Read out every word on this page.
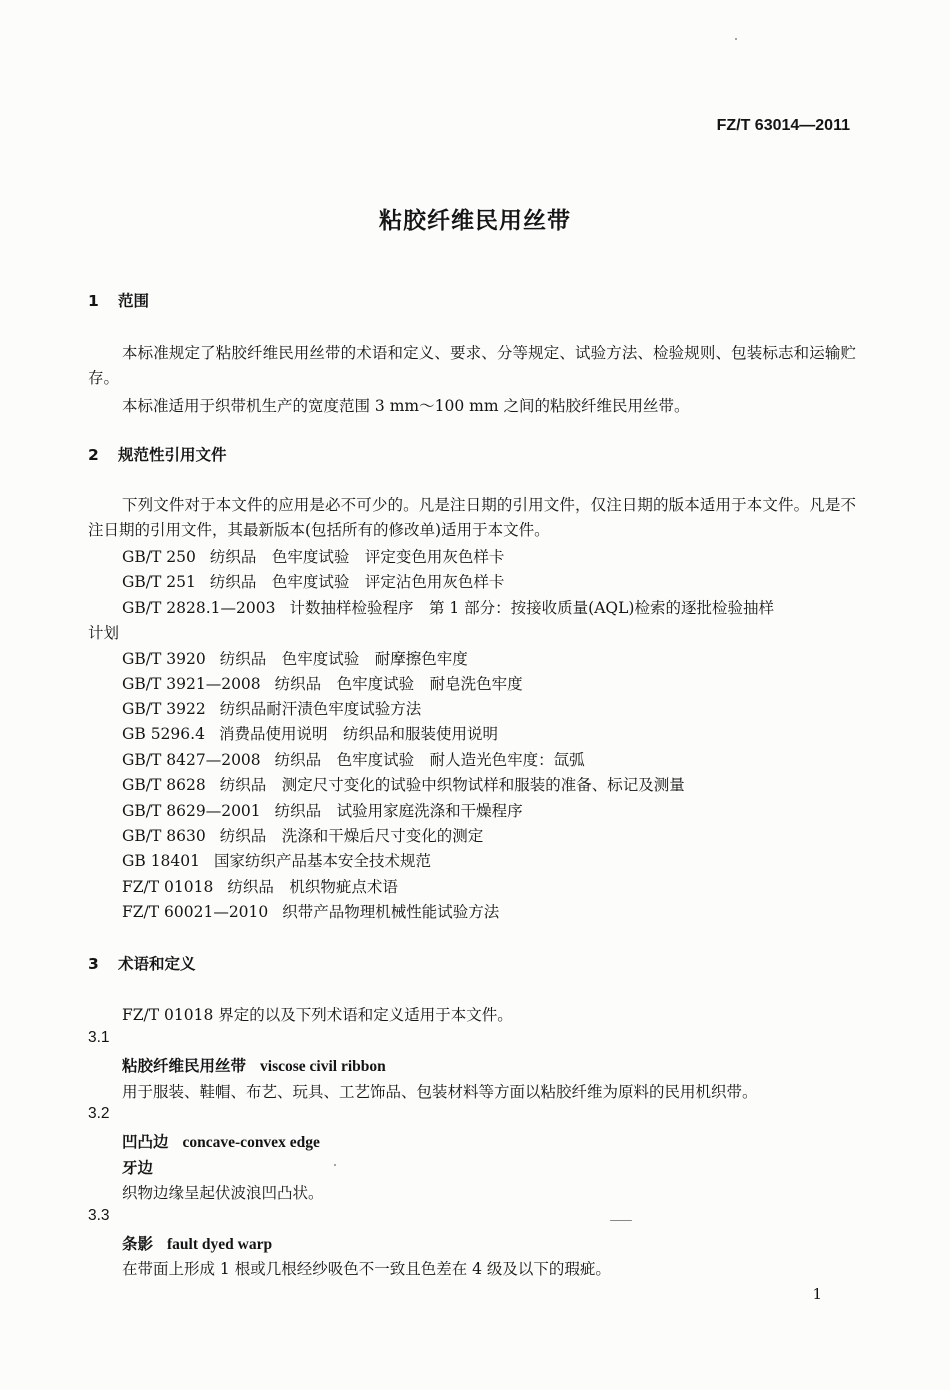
FZ/T 63014—2011
粘胶纤维民用丝带
1 范围
本标准规定了粘胶纤维民用丝带的术语和定义、要求、分等规定、试验方法、检验规则、包装标志和运输贮存。
本标准适用于织带机生产的宽度范围 3 mm～100 mm 之间的粘胶纤维民用丝带。
2 规范性引用文件
下列文件对于本文件的应用是必不可少的。凡是注日期的引用文件，仅注日期的版本适用于本文件。凡是不注日期的引用文件，其最新版本(包括所有的修改单)适用于本文件。
GB/T 250 纺织品　色牢度试验　评定变色用灰色样卡
GB/T 251 纺织品　色牢度试验　评定沾色用灰色样卡
GB/T 2828.1—2003 计数抽样检验程序　第 1 部分：按接收质量(AQL)检索的逐批检验抽样
计划
GB/T 3920 纺织品　色牢度试验　耐摩擦色牢度
GB/T 3921—2008 纺织品　色牢度试验　耐皂洗色牢度
GB/T 3922 纺织品耐汗渍色牢度试验方法
GB 5296.4 消费品使用说明　纺织品和服装使用说明
GB/T 8427—2008 纺织品　色牢度试验　耐人造光色牢度：氙弧
GB/T 8628 纺织品　测定尺寸变化的试验中织物试样和服装的准备、标记及测量
GB/T 8629—2001 纺织品　试验用家庭洗涤和干燥程序
GB/T 8630 纺织品　洗涤和干燥后尺寸变化的测定
GB 18401 国家纺织产品基本安全技术规范
FZ/T 01018 纺织品　机织物疵点术语
FZ/T 60021—2010 织带产品物理机械性能试验方法
3 术语和定义
FZ/T 01018 界定的以及下列术语和定义适用于本文件。
3.1
粘胶纤维民用丝带 viscose civil ribbon
用于服装、鞋帽、布艺、玩具、工艺饰品、包装材料等方面以粘胶纤维为原料的民用机织带。
3.2
凹凸边 concave-convex edge
牙边
织物边缘呈起伏波浪凹凸状。
3.3
条影 fault dyed warp
在带面上形成 1 根或几根经纱吸色不一致且色差在 4 级及以下的瑕疵。
1
